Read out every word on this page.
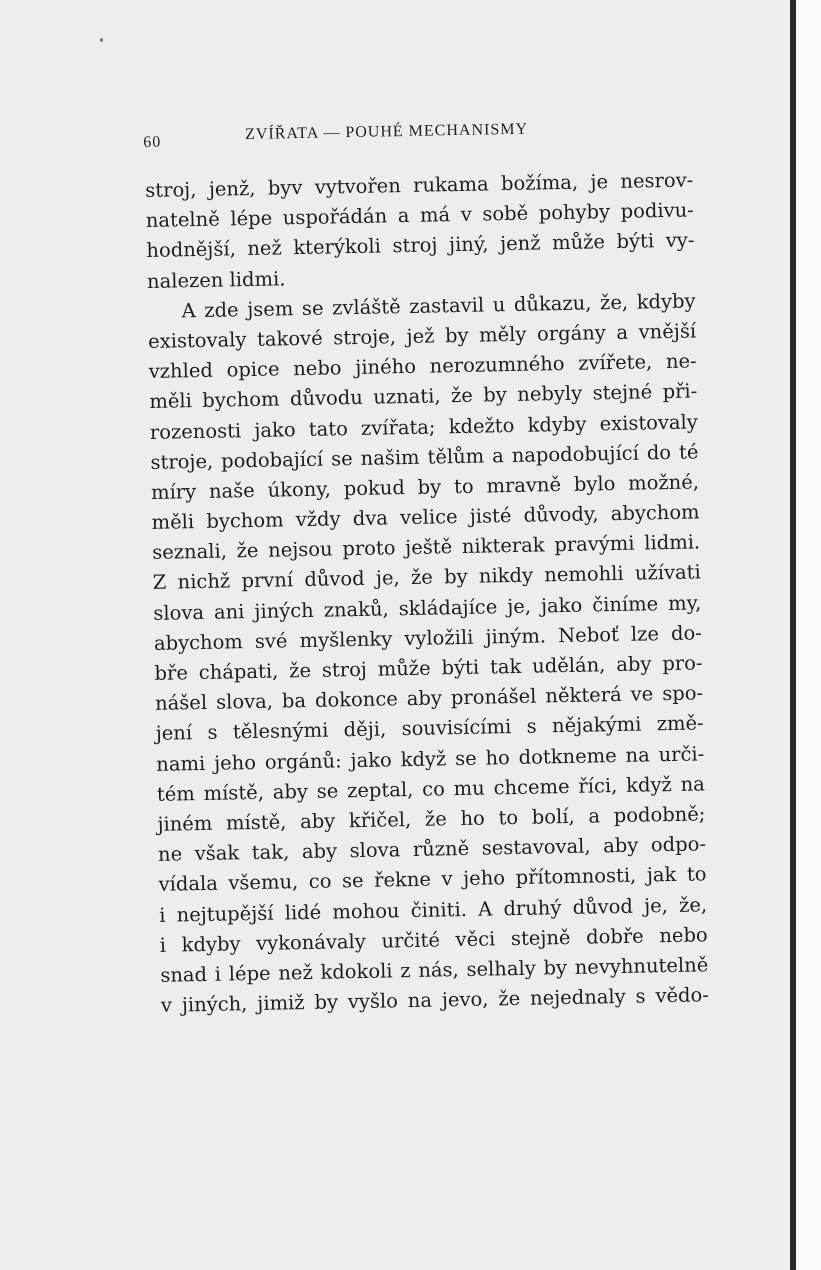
60	ZVÍŘATA — POUHÉ MECHANISMY
stroj, jenž, byv vytvořen rukama božíma, je nesrov-
natelně lépe uspořádán a má v sobě pohyby podivu-
hodnější, než kterýkoli stroj jiný, jenž může býti vy-
nalezen lidmi.
A zde jsem se zvláště zastavil u důkazu, že, kdyby
existovaly takové stroje, jež by měly orgány a vnější
vzhled opice nebo jiného nerozumného zvířete, ne-
měli bychom důvodu uznati, že by nebyly stejné při-
rozenosti jako tato zvířata; kdežto kdyby existovaly
stroje, podobající se našim tělům a napodobující do té
míry naše úkony, pokud by to mravně bylo možné,
měli bychom vždy dva velice jisté důvody, abychom
seznali, že nejsou proto ještě nikterak pravými lidmi.
Z nichž první důvod je, že by nikdy nemohli užívati
slova ani jiných znaků, skládajíce je, jako činíme my,
abychom své myšlenky vyložili jiným. Neboť lze do-
bře chápati, že stroj může býti tak udělán, aby pro-
nášel slova, ba dokonce aby pronášel některá ve spo-
jení s tělesnými ději, souvisícími s nějakými změ-
nami jeho orgánů: jako když se ho dotkneme na urči-
tém místě, aby se zeptal, co mu chceme říci, když na
jiném místě, aby křičel, že ho to bolí, a podobně;
ne však tak, aby slova různě sestavoval, aby odpo-
vídala všemu, co se řekne v jeho přítomnosti, jak to
i nejtupější lidé mohou činiti. A druhý důvod je, že,
i kdyby vykonávaly určité věci stejně dobře nebo
snad i lépe než kdokoli z nás, selhaly by nevyhnutelně
v jiných, jimiž by vyšlo na jevo, že nejednaly s vědo-
